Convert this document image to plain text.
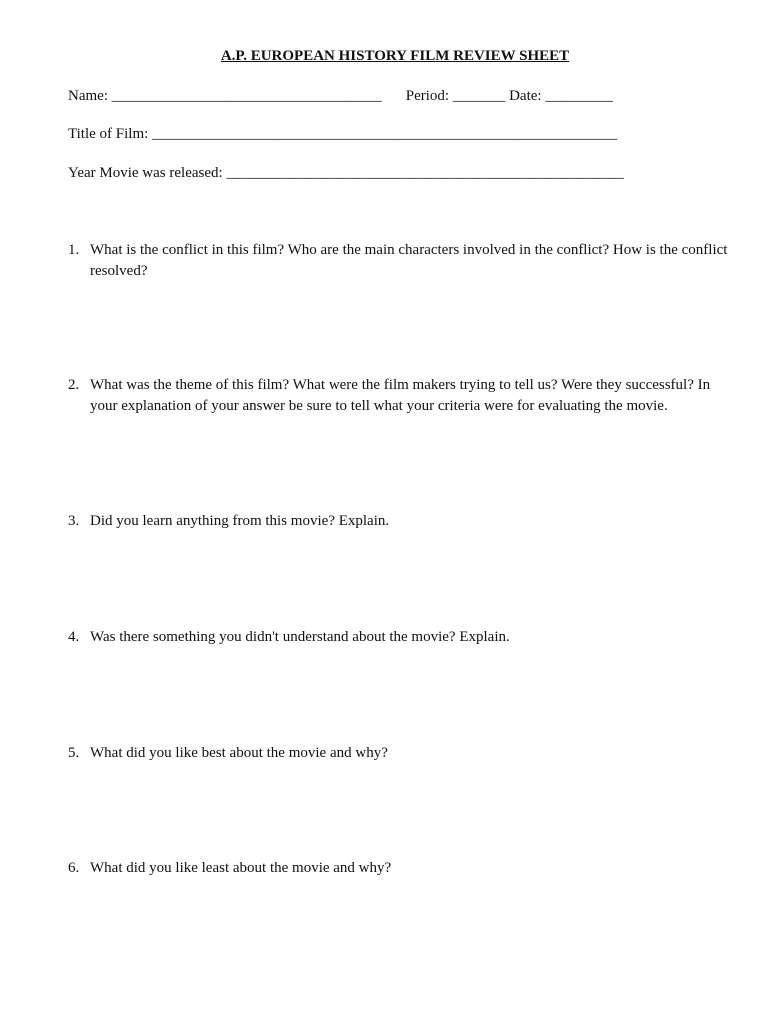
A.P. EUROPEAN HISTORY FILM REVIEW SHEET
Name: ____________________________________ Period: _______ Date: _________
Title of Film: ______________________________________________________________
Year Movie was released: _____________________________________________________
1. What is the conflict in this film? Who are the main characters involved in the conflict? How is the conflict resolved?
2. What was the theme of this film? What were the film makers trying to tell us? Were they successful? In your explanation of your answer be sure to tell what your criteria were for evaluating the movie.
3. Did you learn anything from this movie? Explain.
4. Was there something you didn't understand about the movie? Explain.
5. What did you like best about the movie and why?
6. What did you like least about the movie and why?
